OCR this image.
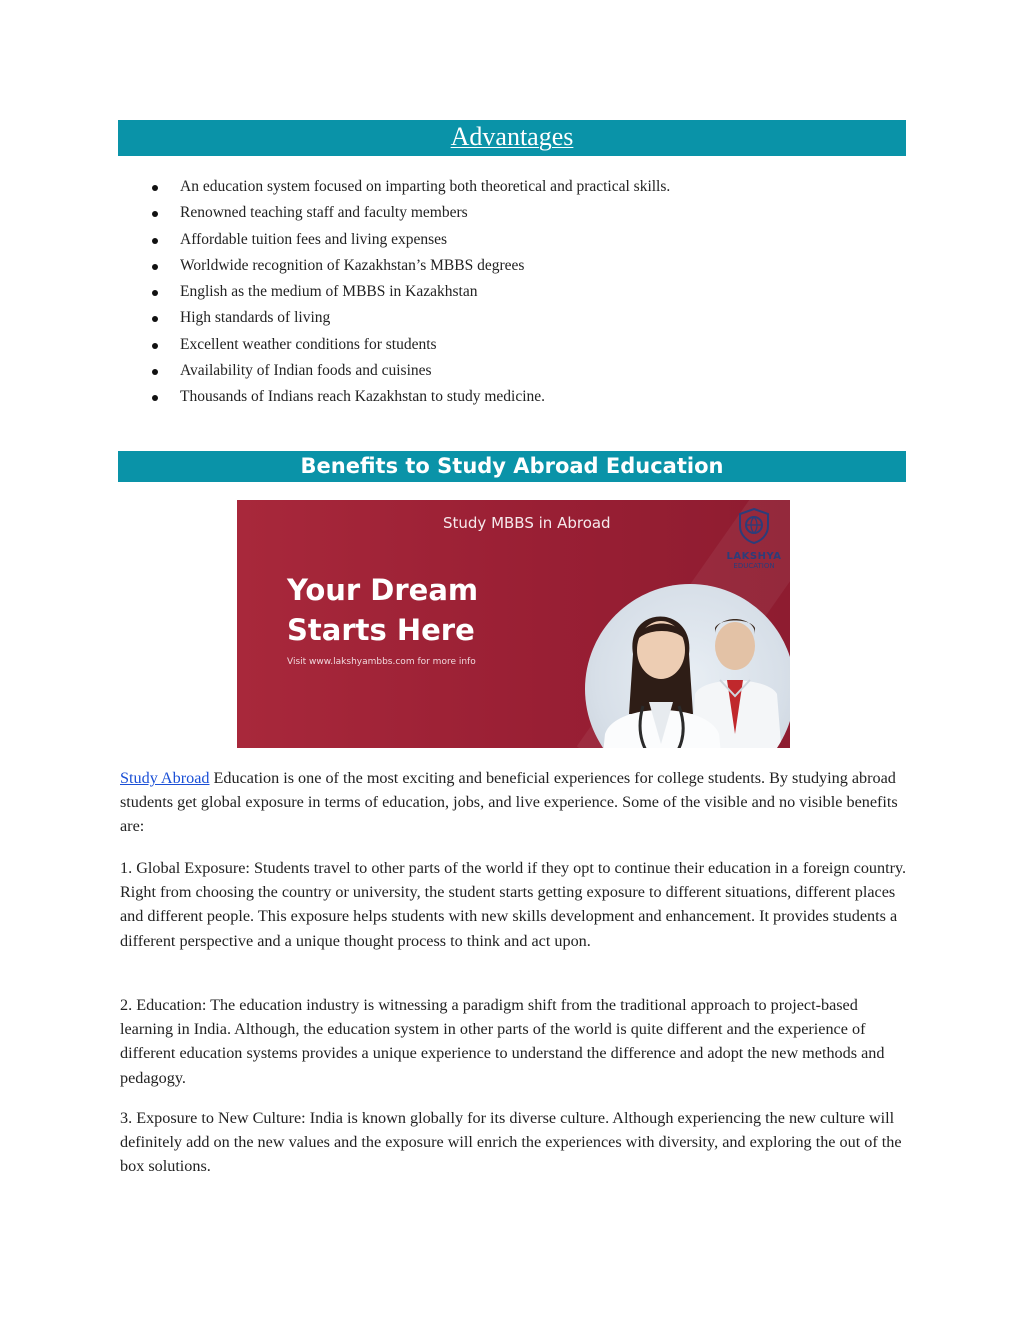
Advantages
An education system focused on imparting both theoretical and practical skills.
Renowned teaching staff and faculty members
Affordable tuition fees and living expenses
Worldwide recognition of Kazakhstan’s MBBS degrees
English as the medium of MBBS in Kazakhstan
High standards of living
Excellent weather conditions for students
Availability of Indian foods and cuisines
Thousands of Indians reach Kazakhstan to study medicine.
Benefits to Study Abroad Education
Study MBBS in Abroad
Your Dream
Starts Here
Visit www.lakshyambbs.com for more info
LAKSHYA
EDUCATION

Study Abroad Education is one of the most exciting and beneficial experiences for college students. By studying abroad students get global exposure in terms of education, jobs, and live experience. Some of the visible and no visible benefits are:

1. Global Exposure: Students travel to other parts of the world if they opt to continue their education in a foreign country. Right from choosing the country or university, the student starts getting exposure to different situations, different places and different people. This exposure helps students with new skills development and enhancement. It provides students a different perspective and a unique thought process to think and act upon.

2. Education: The education industry is witnessing a paradigm shift from the traditional approach to project-based learning in India. Although, the education system in other parts of the world is quite different and the experience of different education systems provides a unique experience to understand the difference and adopt the new methods and pedagogy.

3. Exposure to New Culture: India is known globally for its diverse culture. Although experiencing the new culture will definitely add on the new values and the exposure will enrich the experiences with diversity, and exploring the out of the box solutions.
